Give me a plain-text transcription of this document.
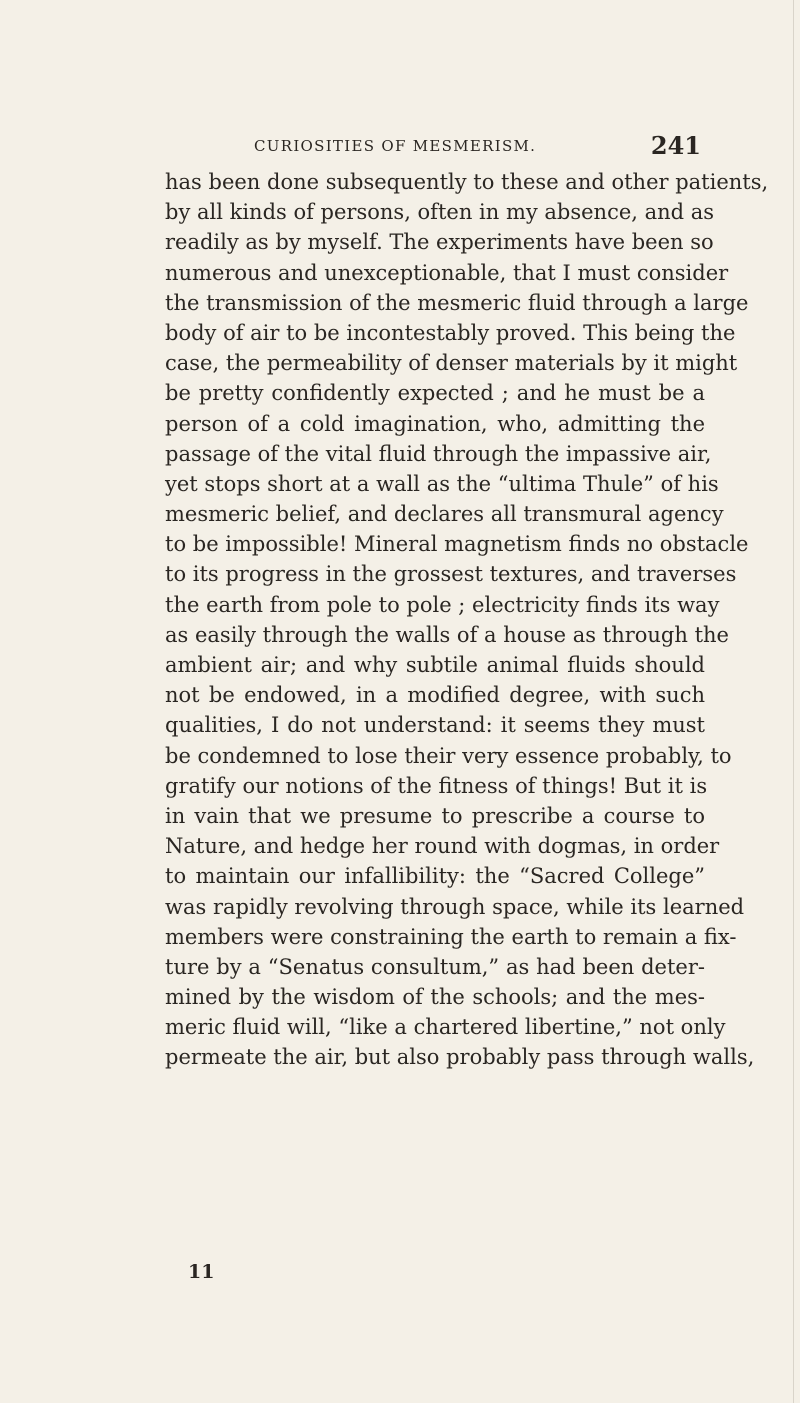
CURIOSITIES OF MESMERISM.	241
has been done subsequently to these and other patients,
by all kinds of persons, often in my absence, and as
readily as by myself. The experiments have been so
numerous and unexceptionable, that I must consider
the transmission of the mesmeric fluid through a large
body of air to be incontestably proved. This being the
case, the permeability of denser materials by it might
be pretty confidently expected ; and he must be a
person of a cold imagination, who, admitting the
passage of the vital fluid through the impassive air,
yet stops short at a wall as the “ultima Thule” of his
mesmeric belief, and declares all transmural agency
to be impossible! Mineral magnetism finds no obstacle
to its progress in the grossest textures, and traverses
the earth from pole to pole ; electricity finds its way
as easily through the walls of a house as through the
ambient air; and why subtile animal fluids should
not be endowed, in a modified degree, with such
qualities, I do not understand: it seems they must
be condemned to lose their very essence probably, to
gratify our notions of the fitness of things! But it is
in vain that we presume to prescribe a course to
Nature, and hedge her round with dogmas, in order
to maintain our infallibility: the “Sacred College”
was rapidly revolving through space, while its learned
members were constraining the earth to remain a fix-
ture by a “Senatus consultum,” as had been deter-
mined by the wisdom of the schools; and the mes-
meric fluid will, “like a chartered libertine,” not only
permeate the air, but also probably pass through walls,
11
